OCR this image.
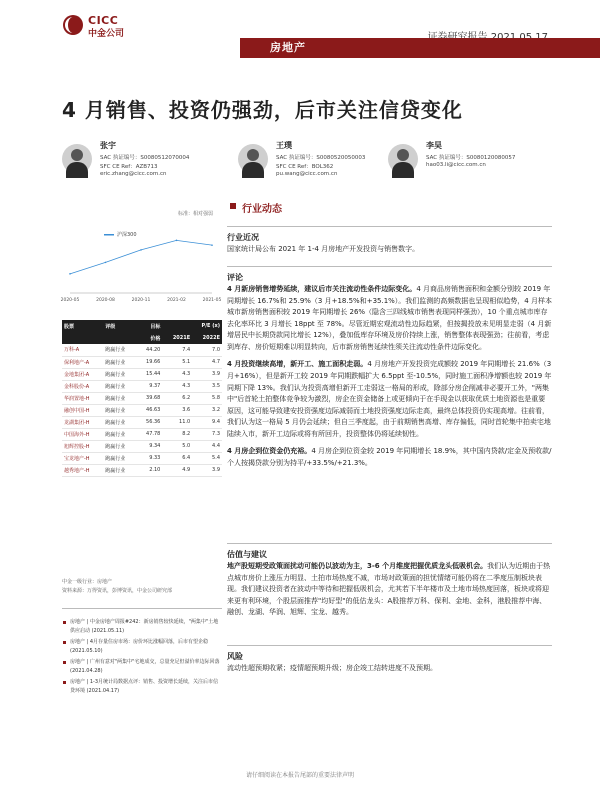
CICC
中金公司
房地产
4 月销售、投资仍强劲，后市关注信贷变化
张宇
SAC 执证编号：S0080512070004
SFC CE Ref：AZB713
eric.zhang@cicc.com.cn
王璞
SAC 执证编号：S0080520050003
SFC CE Ref：BOL362
pu.wang@cicc.com.cn
李昊
SAC 执证编号：S0080120080057
hao03.li@cicc.com.cn
标准：相对强弱
2020-05	2020-08	2020-11	2021-02	2021-05
沪深300
股票	评级	目标	P/E (x)	
		价格	2021E	2022E
万科-A	跑赢行业	44.20	7.4	7.0
保利地产-A	跑赢行业	19.66	5.1	4.7
金地集团-A	跑赢行业	15.44	4.3	3.9
金科股份-A	跑赢行业	9.37	4.3	3.5
华润置地-H	跑赢行业	39.68	6.2	5.8
融创中国-H	跑赢行业	46.63	3.6	3.2
龙湖集团-H	跑赢行业	56.36	11.0	9.4
中国海外-H	跑赢行业	47.78	8.2	7.3
旭辉控股-H	跑赢行业	9.34	5.0	4.4
宝龙地产-H	跑赢行业	9.33	6.4	5.4
越秀地产-H	跑赢行业	2.10	4.9	3.9
中金一级行业：房地产
资料来源：万得资讯，彭博资讯，中金公司研究部
房地产 | 中金房地产周报#242：新房销售较快延续，"两集中"土地供应启动 (2021.05.11)
房地产 | 4月存量住房市场：房价环比涨幅回落，后市有望企稳 (2021.05.10)
房地产 | 广州有意对"两集中"宅地成交，总量充足但溢价率边际回落 (2021.04.28)
房地产 | 1-3月统计局数据点评：销售、投资增长延续，关注后市信贷环境 (2021.04.17)
行业动态
行业近况
国家统计局公布 2021 年 1-4 月房地产开发投资与销售数字。
评论
4 月新房销售增势延续，建议后市关注流动性条件边际变化。4 月商品房销售面积和金额分别较 2019 年同期增长 16.7%和 25.9%（3 月+18.5%和+35.1%）。我们监测的高频数据也呈现相似趋势，4 月样本城市新房销售面积较 2019 年同期增长 26%（隐含三四线城市销售表现同样强劲），10 个重点城市库存去化率环比 3 月增长 18ppt 至 78%。尽管近期宏观流动性边际趋紧，但按揭投放未见明显走弱（4 月新增居民中长期贷款同比增长 12%），叠加低库存环境及房价持续上涨，销售整体表现强劲；往前看，考虑到库存、房价短期难以明显转向，后市新房销售延续性须关注流动性条件边际变化。
4 月投资继续高增，新开工、施工面积走弱。4 月房地产开发投资完成额较 2019 年同期增长 21.6%（3 月+16%），但是新开工较 2019 年同期跌幅扩大 6.5ppt 至-10.5%，同时施工面积净增额也较 2019 年同期下降 13%。我们认为投资高增但新开工走弱这一格局的形成，除部分房企削减非必要开工外，"两集中"后首轮土拍整体竞争较为激烈，房企在资金储备上或更倾向于在手现金以获取优质土地资源也是重要原因，这可能导致建安投资强度边际减弱而土地投资强度边际走高，最终总体投资仍实现高增。往前看，我们认为这一格局 5 月仍会延续；但自三季度起，由于前期销售高增、库存偏低，同时首轮集中拍卖宅地陆续入市，新开工边际或将有所回升，投资整体仍将延续韧性。
4 月房企到位资金仍充裕。4 月房企到位资金较 2019 年同期增长 18.9%，其中国内贷款/定金及预收款/个人按揭贷款分别为持平/+33.5%/+21.3%。
估值与建议
地产股短期受政策面扰动可能仍以波动为主，3-6 个月维度把握优质龙头低吸机会。我们认为近期由于热点城市房价上涨压力明显、土拍市场热度不减，市场对政策面的担忧情绪可能仍将在二季度压制板块表现。我们建议投资者在波动中等待和把握低吸机会，尤其若下半年楼市及土地市场热度回落，板块或将迎来更有利环境，个股层面推荐"均好型"的低估龙头：A股推荐万科、保利、金地、金科，港股推荐中海、融创、龙湖、华润、旭辉、宝龙、越秀。
风险
流动性超预期收紧；疫情超预期升级；房企竣工结转进度不及预期。
请仔细阅读在本报告尾部的重要法律声明
